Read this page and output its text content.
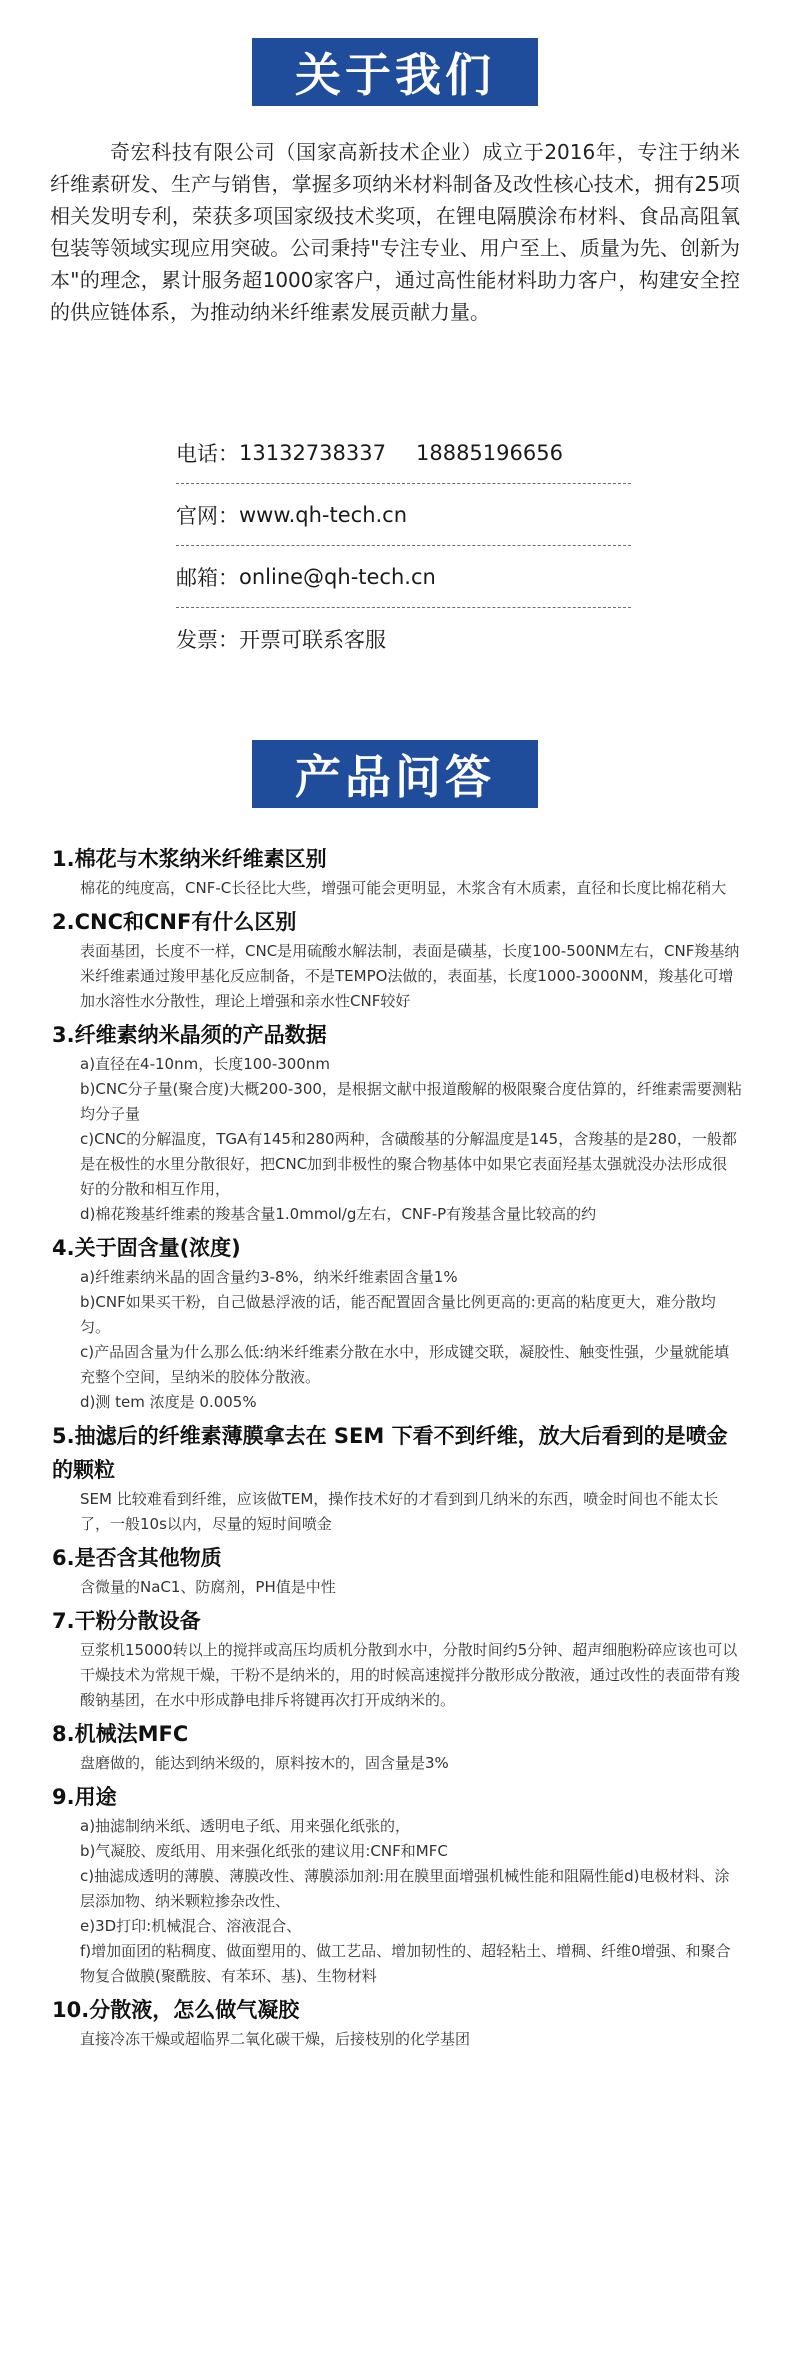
关于我们

奇宏科技有限公司（国家高新技术企业）成立于2016年，专注于纳米纤维素研发、生产与销售，掌握多项纳米材料制备及改性核心技术，拥有25项相关发明专利，荣获多项国家级技术奖项，在锂电隔膜涂布材料、食品高阻氧包装等领域实现应用突破。公司秉持"专注专业、用户至上、质量为先、创新为本"的理念，累计服务超1000家客户，通过高性能材料助力客户，构建安全控的供应链体系，为推动纳米纤维素发展贡献力量。

电话： 13132738337 18885196656
官网： www.qh-tech.cn
邮箱： online@qh-tech.cn
发票： 开票可联系客服
产品问答
1.棉花与木浆纳米纤维素区别
棉花的纯度高，CNF-C长径比大些，增强可能会更明显，木浆含有木质素，直径和长度比棉花稍大
2.CNC和CNF有什么区别
表面基团，长度不一样，CNC是用硫酸水解法制，表面是磺基，长度100-500NM左右，CNF羧基纳米纤维素通过羧甲基化反应制备，不是TEMPO法做的，表面基，长度1000-3000NM，羧基化可增加水溶性水分散性，理论上增强和亲水性CNF较好
3.纤维素纳米晶须的产品数据
a)直径在4-10nm，长度100-300nm
b)CNC分子量(聚合度)大概200-300，是根据文献中报道酸解的极限聚合度估算的，纤维素需要测粘均分子量
c)CNC的分解温度，TGA有145和280两种，含磺酸基的分解温度是145，含羧基的是280，一般都是在极性的水里分散很好，把CNC加到非极性的聚合物基体中如果它表面羟基太强就没办法形成很好的分散和相互作用，
d)棉花羧基纤维素的羧基含量1.0mmol/g左右，CNF-P有羧基含量比较高的约
4.关于固含量(浓度)
a)纤维素纳米晶的固含量约3-8%，纳米纤维素固含量1%
b)CNF如果买干粉，自己做悬浮液的话，能否配置固含量比例更高的:更高的粘度更大，难分散均匀。
c)产品固含量为什么那么低:纳米纤维素分散在水中，形成键交联，凝胶性、触变性强，少量就能填充整个空间，呈纳米的胶体分散液。
d)测 tem 浓度是 0.005%
5.抽滤后的纤维素薄膜拿去在 SEM 下看不到纤维，放大后看到的是喷金的颗粒
SEM 比较难看到纤维，应该做TEM，操作技术好的才看到到几纳米的东西，喷金时间也不能太长了，一般10s以内，尽量的短时间喷金
6.是否含其他物质
含微量的NaC1、防腐剂，PH值是中性
7.干粉分散设备
豆浆机15000转以上的搅拌或高压均质机分散到水中，分散时间约5分钟、超声细胞粉碎应该也可以干燥技术为常规干燥，干粉不是纳米的，用的时候高速搅拌分散形成分散液，通过改性的表面带有羧酸钠基团，在水中形成静电排斥将键再次打开成纳米的。
8.机械法MFC
盘磨做的，能达到纳米级的，原料按木的，固含量是3%
9.用途
a)抽滤制纳米纸、透明电子纸、用来强化纸张的，
b)气凝胶、废纸用、用来强化纸张的建议用:CNF和MFC
c)抽滤成透明的薄膜、薄膜改性、薄膜添加剂:用在膜里面增强机械性能和阻隔性能d)电极材料、涂层添加物、纳米颗粒掺杂改性、
e)3D打印:机械混合、溶液混合、
f)增加面团的粘稠度、做面塑用的、做工艺品、增加韧性的、超轻粘土、增稠、纤维0增强、和聚合物复合做膜(聚酰胺、有苯环、基)、生物材料
10.分散液，怎么做气凝胶
直接冷冻干燥或超临界二氧化碳干燥，后接枝别的化学基团
